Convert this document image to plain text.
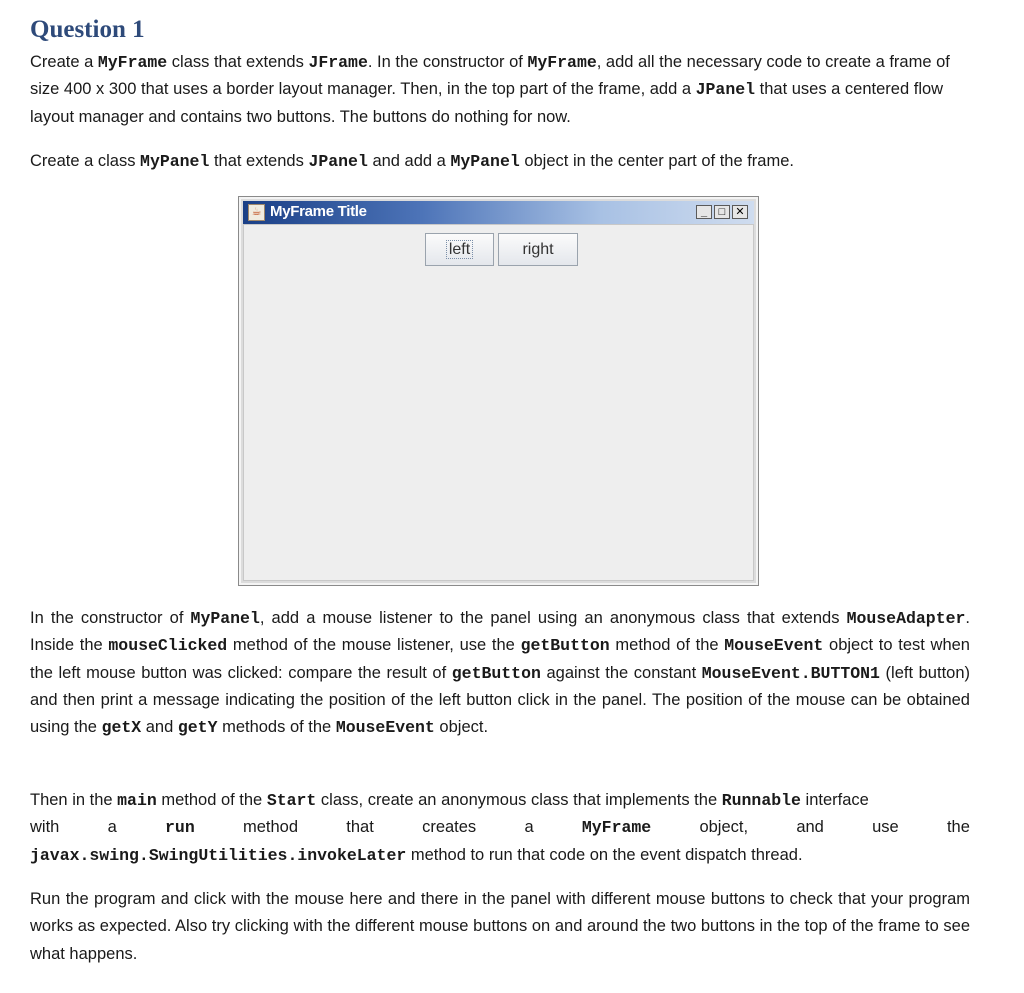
Question 1

Create a MyFrame class that extends JFrame. In the constructor of MyFrame, add all the necessary code to create a frame of size 400 x 300 that uses a border layout manager. Then, in the top part of the frame, add a JPanel that uses a centered flow layout manager and contains two buttons. The buttons do nothing for now.

Create a class MyPanel that extends JPanel and add a MyPanel object in the center part of the frame.

☕ MyFrame Title	_	□ ✕
left	right

In the constructor of MyPanel, add a mouse listener to the panel using an anonymous class that extends MouseAdapter. Inside the mouseClicked method of the mouse listener, use the getButton method of the MouseEvent object to test when the left mouse button was clicked: compare the result of getButton against the constant MouseEvent.BUTTON1 (left button) and then print a message indicating the position of the left button click in the panel. The position of the mouse can be obtained using the getX and getY methods of the MouseEvent object.

Then in the main method of the Start class, create an anonymous class that implements the Runnable interface
with	a	run	method	that	creates	a	MyFrame	object,	and	use	the
javax.swing.SwingUtilities.invokeLater method to run that code on the event dispatch thread.

Run the program and click with the mouse here and there in the panel with different mouse buttons to check that your program works as expected. Also try clicking with the different mouse buttons on and around the two buttons in the top of the frame to see what happens.
